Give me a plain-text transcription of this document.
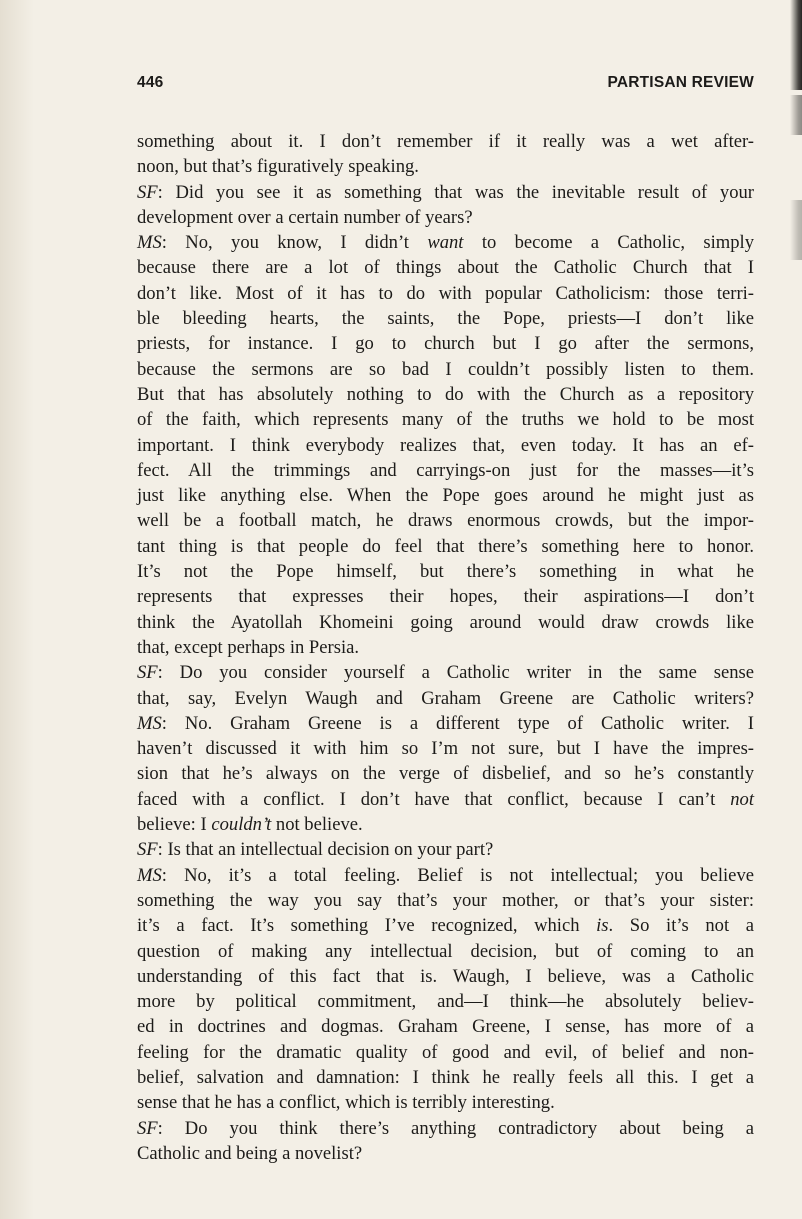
446	PARTISAN REVIEW
something about it. I don’t remember if it really was a wet after-
noon, but that’s figuratively speaking.
SF: Did you see it as something that was the inevitable result of your
development over a certain number of years?
MS: No, you know, I didn’t want to become a Catholic, simply
because there are a lot of things about the Catholic Church that I
don’t like. Most of it has to do with popular Catholicism: those terri-
ble bleeding hearts, the saints, the Pope, priests—I don’t like
priests, for instance. I go to church but I go after the sermons,
because the sermons are so bad I couldn’t possibly listen to them.
But that has absolutely nothing to do with the Church as a repository
of the faith, which represents many of the truths we hold to be most
important. I think everybody realizes that, even today. It has an ef-
fect. All the trimmings and carryings-on just for the masses—it’s
just like anything else. When the Pope goes around he might just as
well be a football match, he draws enormous crowds, but the impor-
tant thing is that people do feel that there’s something here to honor.
It’s not the Pope himself, but there’s something in what he
represents that expresses their hopes, their aspirations—I don’t
think the Ayatollah Khomeini going around would draw crowds like
that, except perhaps in Persia.
SF: Do you consider yourself a Catholic writer in the same sense
that, say, Evelyn Waugh and Graham Greene are Catholic writers?
MS: No. Graham Greene is a different type of Catholic writer. I
haven’t discussed it with him so I’m not sure, but I have the impres-
sion that he’s always on the verge of disbelief, and so he’s constantly
faced with a conflict. I don’t have that conflict, because I can’t not
believe: I couldn’t not believe.
SF: Is that an intellectual decision on your part?
MS: No, it’s a total feeling. Belief is not intellectual; you believe
something the way you say that’s your mother, or that’s your sister:
it’s a fact. It’s something I’ve recognized, which is. So it’s not a
question of making any intellectual decision, but of coming to an
understanding of this fact that is. Waugh, I believe, was a Catholic
more by political commitment, and—I think—he absolutely believ-
ed in doctrines and dogmas. Graham Greene, I sense, has more of a
feeling for the dramatic quality of good and evil, of belief and non-
belief, salvation and damnation: I think he really feels all this. I get a
sense that he has a conflict, which is terribly interesting.
SF: Do you think there’s anything contradictory about being a
Catholic and being a novelist?
